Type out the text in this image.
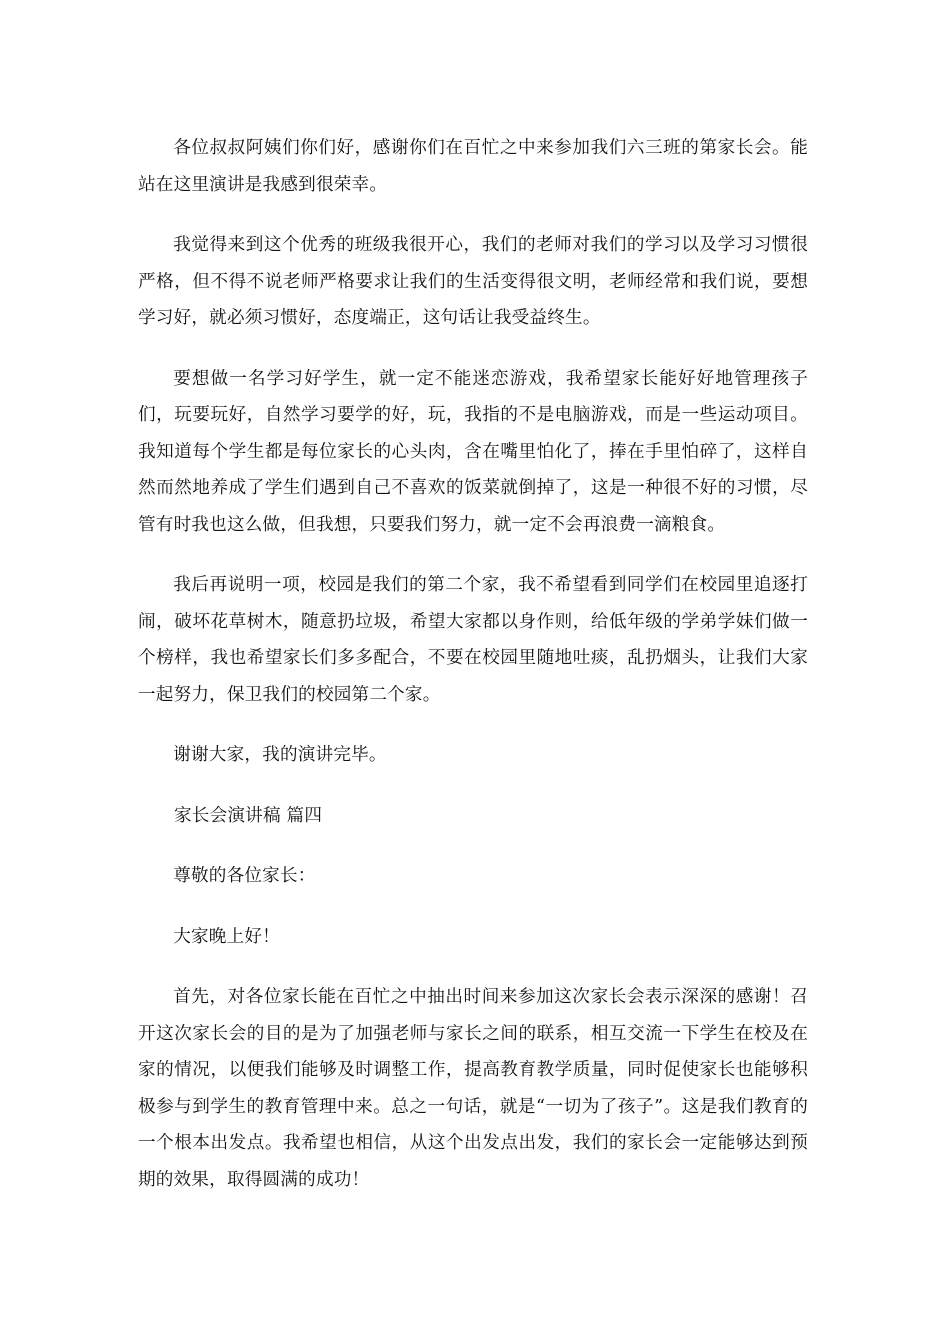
各位叔叔阿姨们你们好，感谢你们在百忙之中来参加我们六三班的第家长会。能站在这里演讲是我感到很荣幸。

我觉得来到这个优秀的班级我很开心，我们的老师对我们的学习以及学习习惯很严格，但不得不说老师严格要求让我们的生活变得很文明，老师经常和我们说，要想学习好，就必须习惯好，态度端正，这句话让我受益终生。

要想做一名学习好学生，就一定不能迷恋游戏，我希望家长能好好地管理孩子们，玩要玩好，自然学习要学的好，玩，我指的不是电脑游戏，而是一些运动项目。我知道每个学生都是每位家长的心头肉，含在嘴里怕化了，捧在手里怕碎了，这样自然而然地养成了学生们遇到自己不喜欢的饭菜就倒掉了，这是一种很不好的习惯，尽管有时我也这么做，但我想，只要我们努力，就一定不会再浪费一滴粮食。

我后再说明一项，校园是我们的第二个家，我不希望看到同学们在校园里追逐打闹，破坏花草树木，随意扔垃圾，希望大家都以身作则，给低年级的学弟学妹们做一个榜样，我也希望家长们多多配合，不要在校园里随地吐痰，乱扔烟头，让我们大家一起努力，保卫我们的校园第二个家。

谢谢大家，我的演讲完毕。

家长会演讲稿 篇四

尊敬的各位家长：

大家晚上好！

首先，对各位家长能在百忙之中抽出时间来参加这次家长会表示深深的感谢！召开这次家长会的目的是为了加强老师与家长之间的联系，相互交流一下学生在校及在家的情况，以便我们能够及时调整工作，提高教育教学质量，同时促使家长也能够积极参与到学生的教育管理中来。总之一句话，就是“一切为了孩子”。这是我们教育的一个根本出发点。我希望也相信，从这个出发点出发，我们的家长会一定能够达到预期的效果，取得圆满的成功！
